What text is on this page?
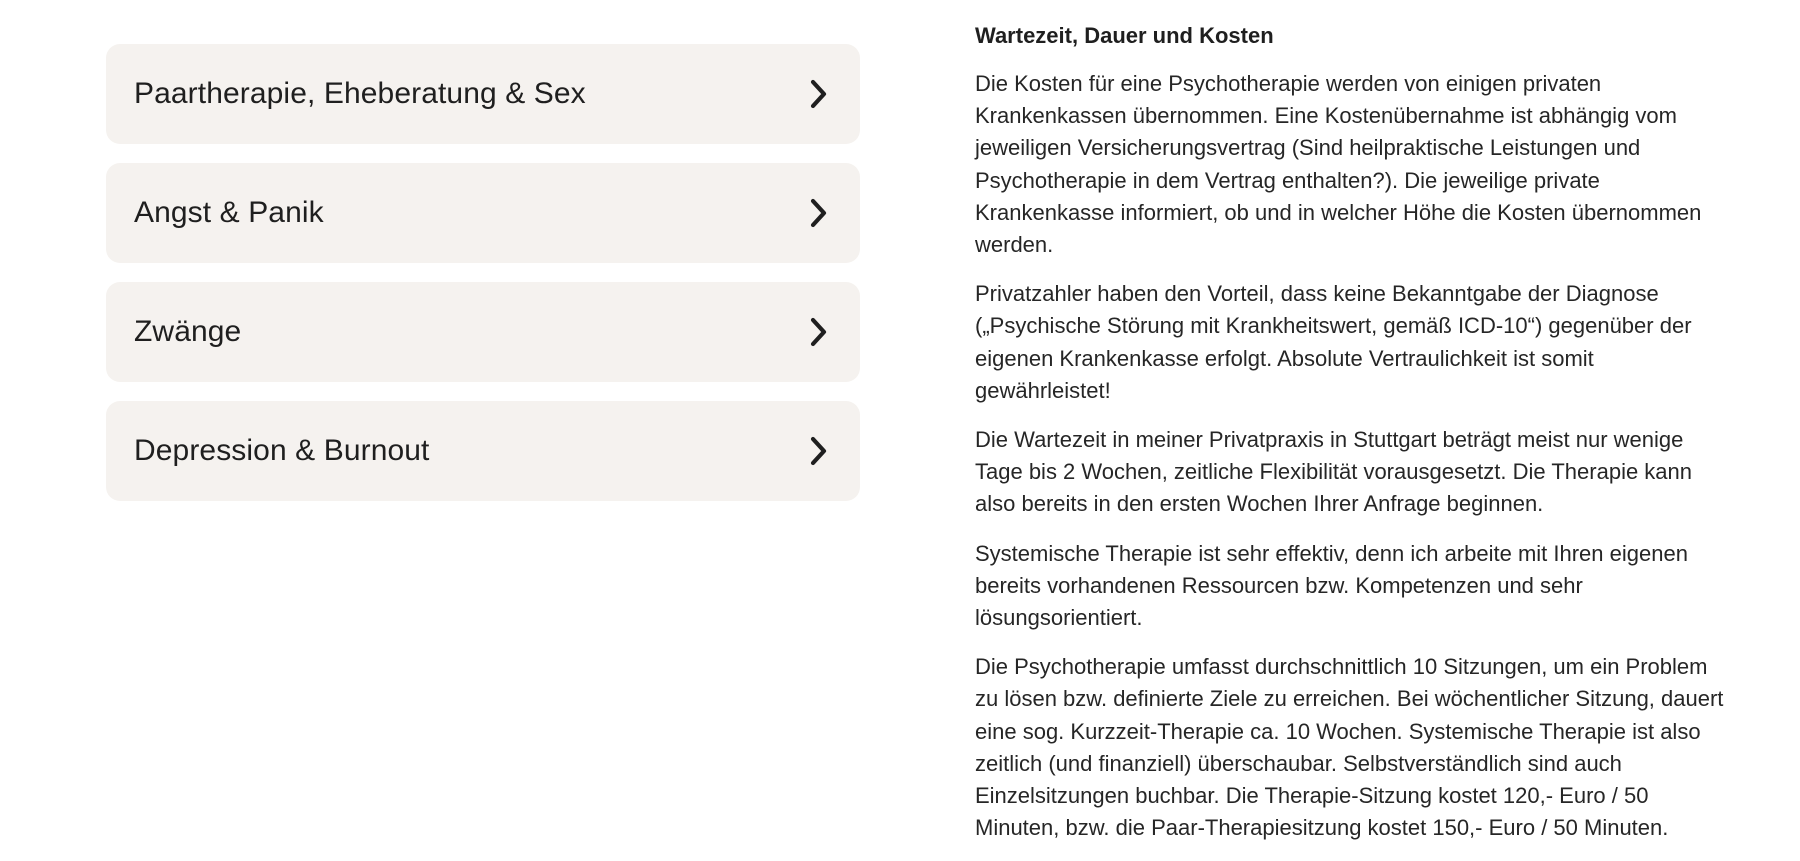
Paartherapie, Eheberatung & Sex
Angst & Panik
Zwänge
Depression & Burnout
Wartezeit, Dauer und Kosten

Die Kosten für eine Psychotherapie werden von einigen privaten Krankenkassen übernommen. Eine Kostenübernahme ist abhängig vom jeweiligen Versicherungsvertrag (Sind heilpraktische Leistungen und Psychotherapie in dem Vertrag enthalten?). Die jeweilige private Krankenkasse informiert, ob und in welcher Höhe die Kosten übernommen werden.

Privatzahler haben den Vorteil, dass keine Bekanntgabe der Diagnose („Psychische Störung mit Krankheitswert, gemäß ICD-10“) gegenüber der eigenen Krankenkasse erfolgt. Absolute Vertraulichkeit ist somit gewährleistet!

Die Wartezeit in meiner Privatpraxis in Stuttgart beträgt meist nur wenige Tage bis 2 Wochen, zeitliche Flexibilität vorausgesetzt. Die Therapie kann also bereits in den ersten Wochen Ihrer Anfrage beginnen.

Systemische Therapie ist sehr effektiv, denn ich arbeite mit Ihren eigenen bereits vorhandenen Ressourcen bzw. Kompetenzen und sehr lösungsorientiert.

Die Psychotherapie umfasst durchschnittlich 10 Sitzungen, um ein Problem zu lösen bzw. definierte Ziele zu erreichen. Bei wöchentlicher Sitzung, dauert eine sog. Kurzzeit-Therapie ca. 10 Wochen. Systemische Therapie ist also zeitlich (und finanziell) überschaubar. Selbstverständlich sind auch Einzelsitzungen buchbar. Die Therapie-Sitzung kostet 120,- Euro / 50 Minuten, bzw. die Paar-Therapiesitzung kostet 150,- Euro / 50 Minuten.
